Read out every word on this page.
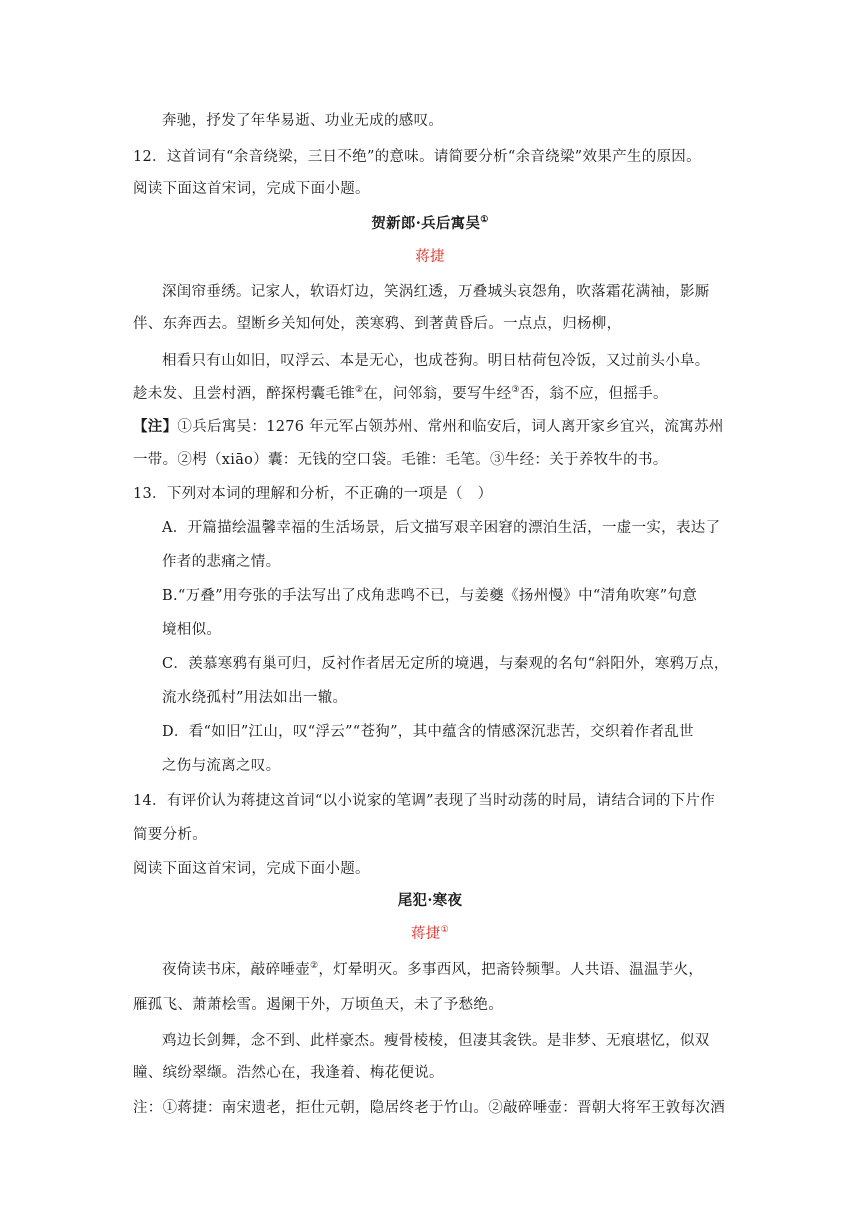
奔驰，抒发了年华易逝、功业无成的感叹。
12．这首词有“余音绕梁，三日不绝”的意味。请简要分析“余音绕梁”效果产生的原因。
阅读下面这首宋词，完成下面小题。
深闺帘垂绣。记家人，软语灯边，笑涡红透，万叠城头哀怨角，吹落霜花满袖，影厮
伴、东奔西去。望断乡关知何处，羡寒鸦、到著黄昏后。一点点，归杨柳，
相看只有山如旧，叹浮云、本是无心，也成苍狗。明日枯荷包冷饭，又过前头小阜。
一带。②枵（xiāo）囊：无钱的空口袋。毛锥：毛笔。③牛经：关于养牧牛的书。
13．下列对本词的理解和分析，不正确的一项是（　）
A．开篇描绘温馨幸福的生活场景，后文描写艰辛困窘的漂泊生活，一虚一实，表达了
作者的悲痛之情。
B.“万叠”用夸张的手法写出了戍角悲鸣不已，与姜夔《扬州慢》中“清角吹寒”句意
境相似。
C．羡慕寒鸦有巢可归，反衬作者居无定所的境遇，与秦观的名句“斜阳外，寒鸦万点，
流水绕孤村”用法如出一辙。
D．看“如旧”江山，叹“浮云”“苍狗”，其中蕴含的情感深沉悲苦，交织着作者乱世
之伤与流离之叹。
14．有评价认为蒋捷这首词“以小说家的笔调”表现了当时动荡的时局，请结合词的下片作
简要分析。
阅读下面这首宋词，完成下面小题。
雁孤飞、萧萧桧雪。遏阑干外，万顷鱼天，未了予愁绝。
鸡边长剑舞，念不到、此样豪杰。瘦骨棱棱，但凄其衾铁。是非梦、无痕堪忆，似双
瞳、缤纷翠缬。浩然心在，我逢着、梅花便说。
注：①蒋捷：南宋遗老，拒仕元朝，隐居终老于竹山。②敲碎唾壶：晋朝大将军王敦每次酒
贺新郎·兵后寓吴①
蒋捷
趁未发、且尝村酒，醉探枵囊毛锥②在，问邻翁，要写牛经③否，翁不应，但摇手。
【注】①兵后寓吴：1276 年元军占领苏州、常州和临安后，词人离开家乡宜兴，流寓苏州
尾犯·寒夜
蒋捷①
夜倚读书床，敲碎唾壶②，灯晕明灭。多事西风，把斋铃频掣。人共语、温温芋火，
